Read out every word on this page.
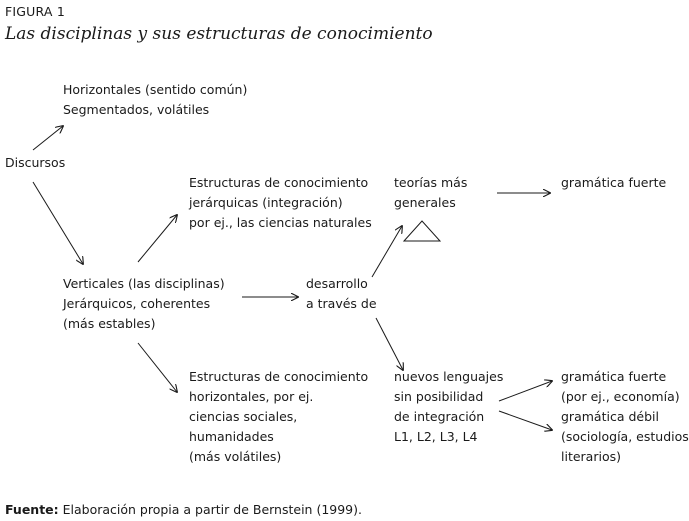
FIGURA 1
Las disciplinas y sus estructuras de conocimiento
Discursos
Horizontales (sentido común)
Segmentados, volátiles
Verticales (las disciplinas)
Jerárquicos, coherentes
(más estables)
Estructuras de conocimiento
jerárquicas (integración)
por ej., las ciencias naturales
Estructuras de conocimiento
horizontales, por ej.
ciencias sociales,
humanidades
(más volátiles)
desarrollo
a través de
teorías más
generales
nuevos lenguajes
sin posibilidad
de integración
L1, L2, L3, L4
gramática fuerte
gramática fuerte
(por ej., economía)
gramática débil
(sociología, estudios
literarios)
Fuente: Elaboración propia a partir de Bernstein (1999).
